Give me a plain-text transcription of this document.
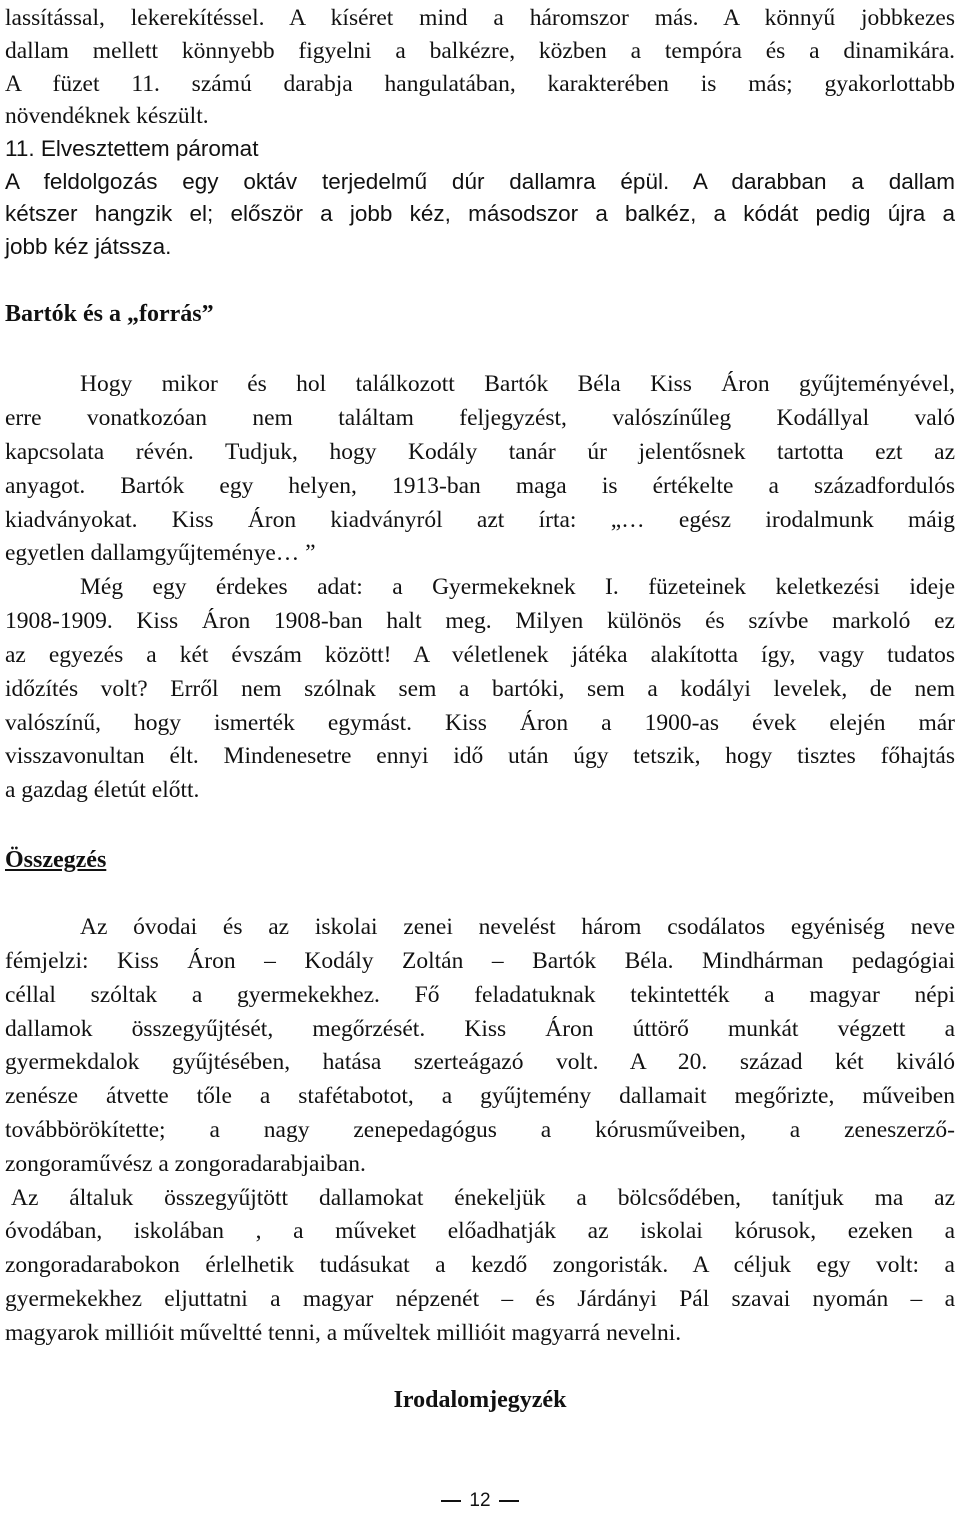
lassítással, lekerekítéssel. A kíséret mind a háromszor más. A könnyű jobbkezes

dallam mellett könnyebb figyelni a balkézre, közben a tempóra és a dinamikára.

A füzet 11. számú darabja hangulatában, karakterében is más; gyakorlottabb

növendéknek készült.

11. Elvesztettem páromat

A feldolgozás egy oktáv terjedelmű dúr dallamra épül. A darabban a dallam

kétszer hangzik el; először a jobb kéz, másodszor a balkéz, a kódát pedig újra a

jobb kéz játssza.

Bartók és a „forrás”

Hogy mikor és hol találkozott Bartók Béla Kiss Áron gyűjteményével,

erre vonatkozóan nem találtam feljegyzést, valószínűleg Kodállyal való

kapcsolata révén. Tudjuk, hogy Kodály tanár úr jelentősnek tartotta ezt az

anyagot. Bartók egy helyen, 1913-ban maga is értékelte a századfordulós

kiadványokat. Kiss Áron kiadványról azt írta: „… egész irodalmunk máig

egyetlen dallamgyűjteménye… ”

Még egy érdekes adat: a Gyermekeknek I. füzeteinek keletkezési ideje

1908-1909. Kiss Áron 1908-ban halt meg. Milyen különös és szívbe markoló ez

az egyezés a két évszám között! A véletlenek játéka alakította így, vagy tudatos

időzítés volt? Erről nem szólnak sem a bartóki, sem a kodályi levelek, de nem

valószínű, hogy ismerték egymást. Kiss Áron a 1900-as évek elején már

visszavonultan élt. Mindenesetre ennyi idő után úgy tetszik, hogy tisztes főhajtás

a gazdag életút előtt.

Összegzés

Az óvodai és az iskolai zenei nevelést három csodálatos egyéniség neve

fémjelzi: Kiss Áron – Kodály Zoltán – Bartók Béla. Mindhárman pedagógiai

céllal szóltak a gyermekekhez. Fő feladatuknak tekintették a magyar népi

dallamok összegyűjtését, megőrzését. Kiss Áron úttörő munkát végzett a

gyermekdalok gyűjtésében, hatása szerteágazó volt. A 20. század két kiváló

zenésze átvette tőle a stafétabotot, a gyűjtemény dallamait megőrizte, műveiben

továbbörökítette; a nagy zenepedagógus a kórusműveiben, a zeneszerző-

zongoraművész a zongoradarabjaiban.

Az általuk összegyűjtött dallamokat énekeljük a bölcsődében, tanítjuk ma az

óvodában, iskolában , a műveket előadhatják az iskolai kórusok, ezeken a

zongoradarabokon érlelhetik tudásukat a kezdő zongoristák. A céljuk egy volt: a

gyermekekhez eljuttatni a magyar népzenét – és Járdányi Pál szavai nyomán – a

magyarok millióit műveltté tenni, a műveltek millióit magyarrá nevelni.

Irodalomjegyzék
12
